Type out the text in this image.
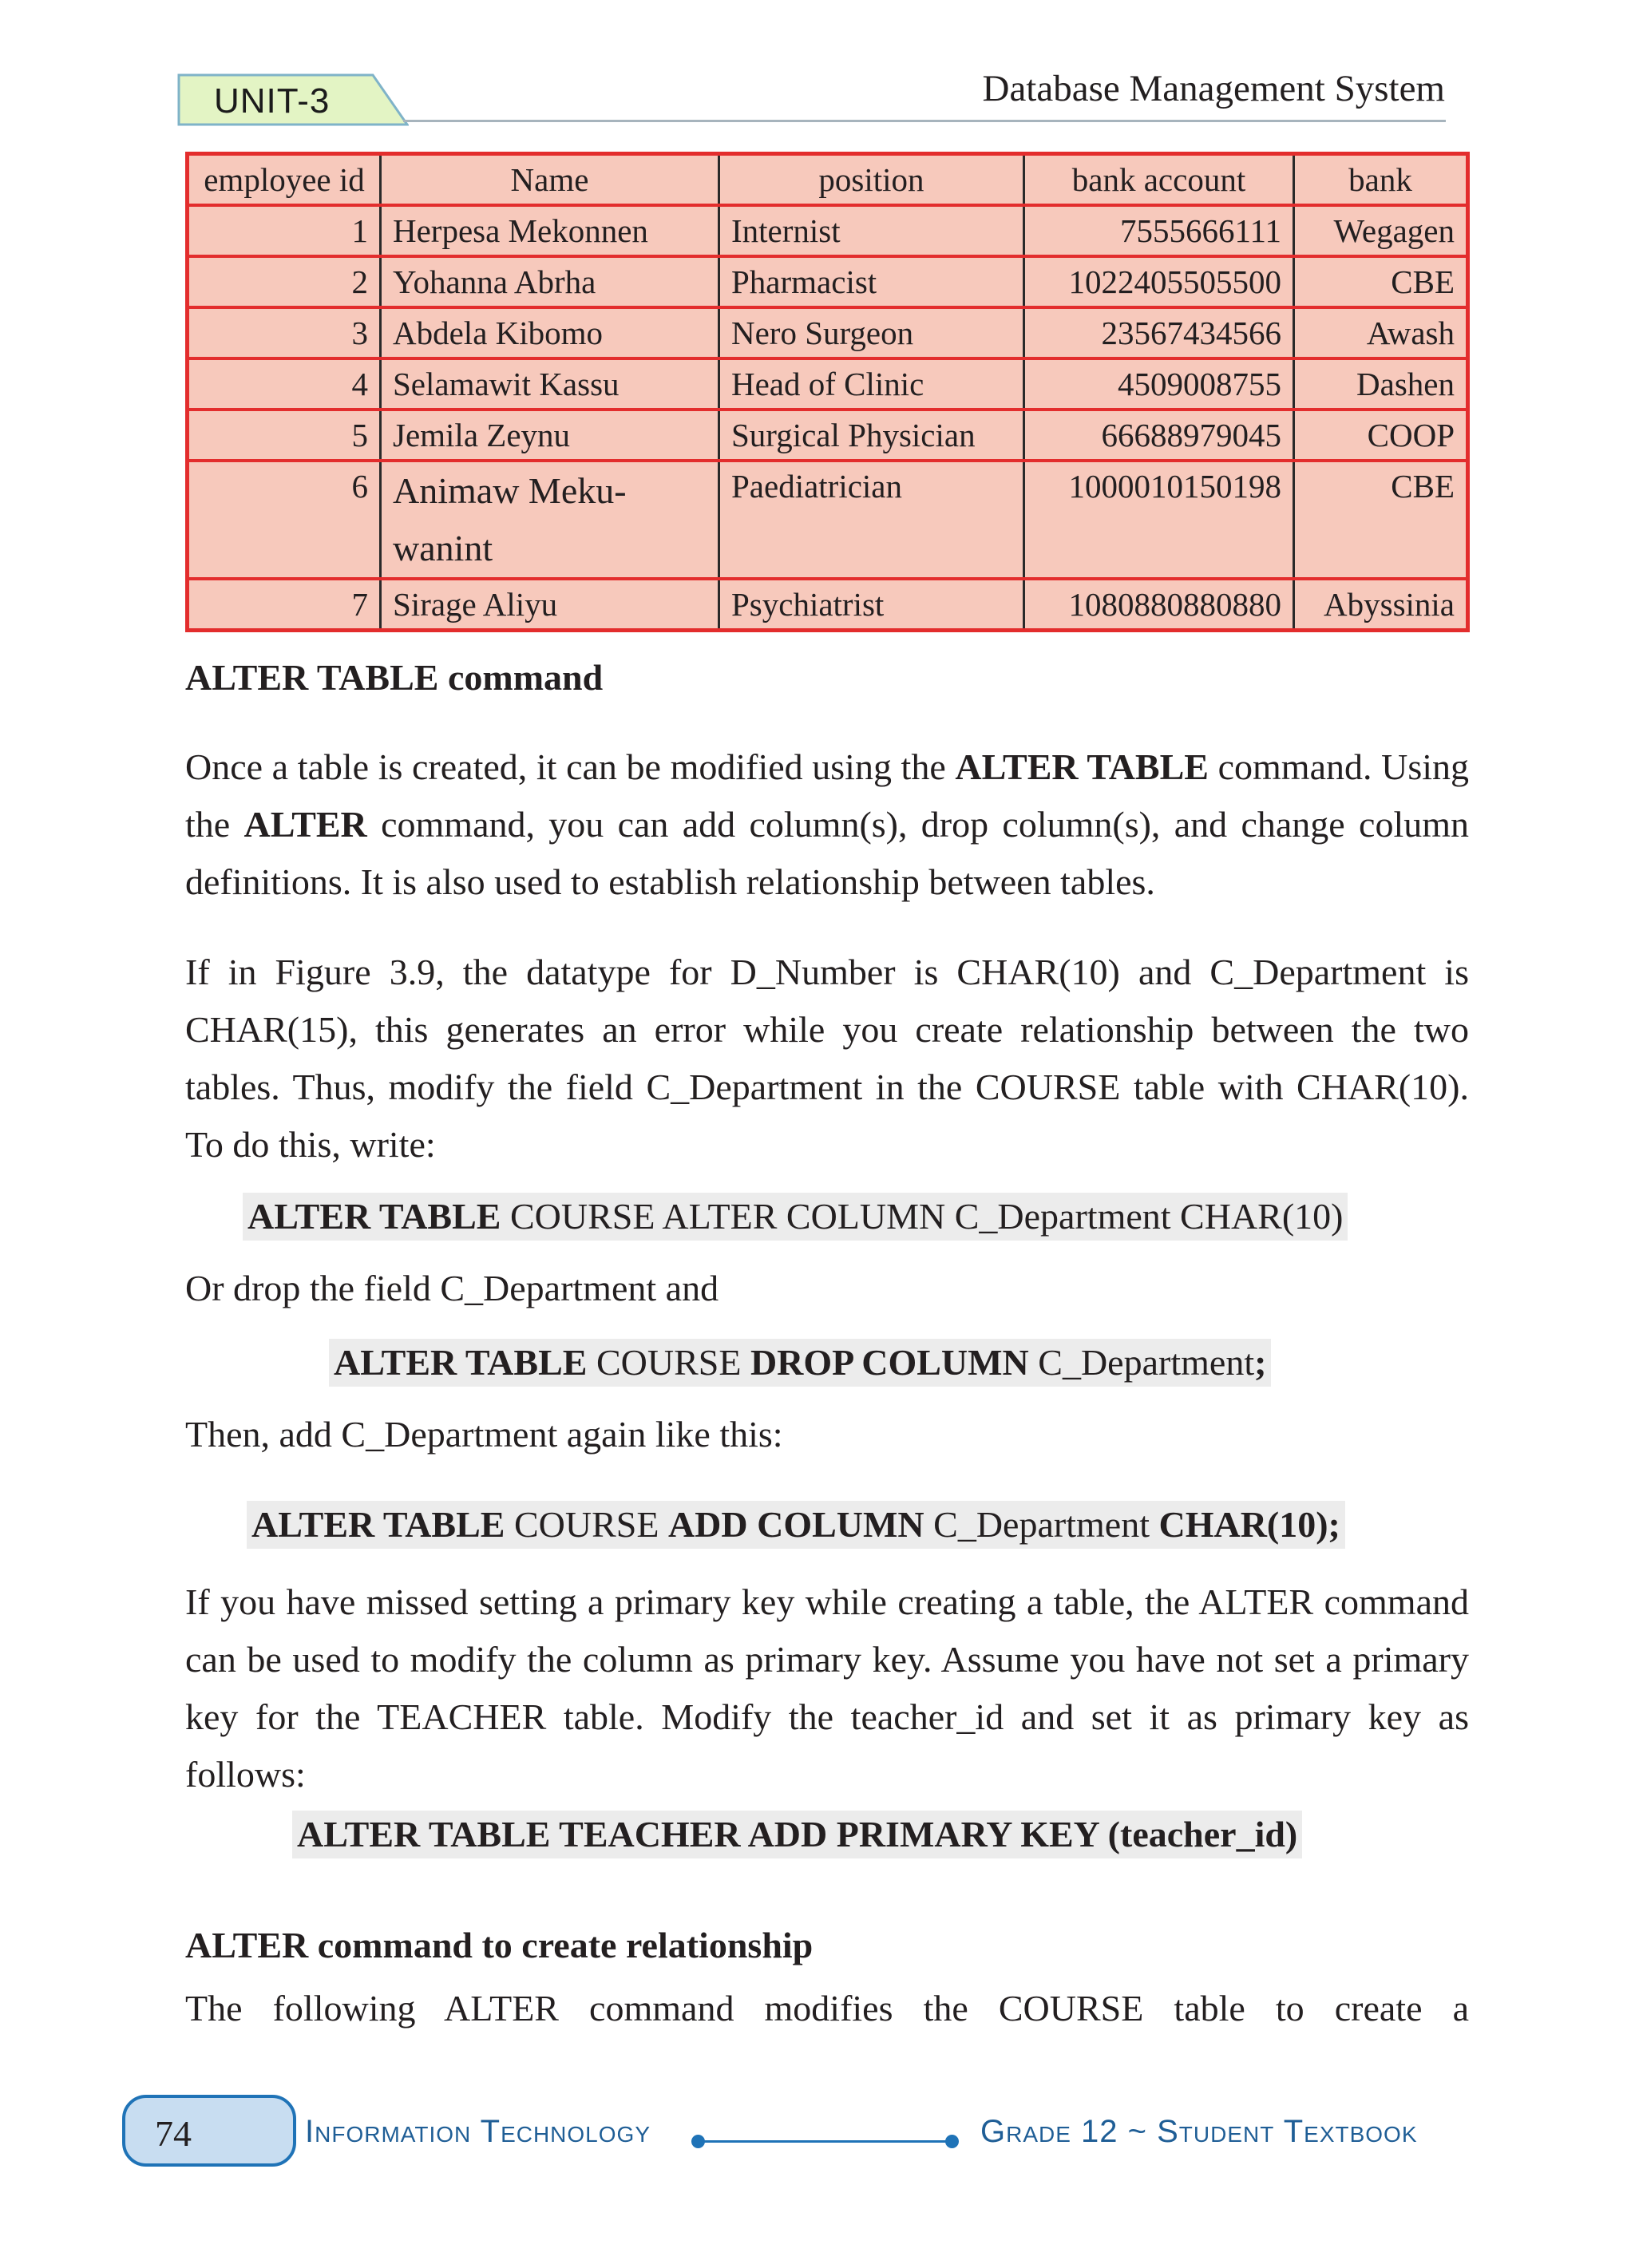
UNIT-3	Database Management System
employee id	Name	position	bank account	bank
1	Herpesa Mekonnen	Internist	7555666111	Wegagen
2	Yohanna Abrha	Pharmacist	1022405505500	CBE
3	Abdela Kibomo	Nero Surgeon	23567434566	Awash
4	Selamawit Kassu	Head of Clinic	4509008755	Dashen
5	Jemila Zeynu	Surgical Physician	66688979045	COOP
6	Animaw Meku- wanint	Paediatrician	1000010150198	CBE
7	Sirage Aliyu	Psychiatrist	1080880880880	Abyssinia
ALTER TABLE command

Once a table is created, it can be modified using the ALTER TABLE command. Using the ALTER command, you can add column(s), drop column(s), and change column definitions. It is also used to establish relationship between tables.

If in Figure 3.9, the datatype for D_Number is CHAR(10) and C_Department is CHAR(15), this generates an error while you create relationship between the two tables. Thus, modify the field C_Department in the COURSE table with CHAR(10). To do this, write:

ALTER TABLE COURSE ALTER COLUMN C_Department CHAR(10)

Or drop the field C_Department and

ALTER TABLE COURSE DROP COLUMN C_Department;

Then, add C_Department again like this:

ALTER TABLE COURSE ADD COLUMN C_Department CHAR(10);

If you have missed setting a primary key while creating a table, the ALTER command can be used to modify the column as primary key. Assume you have not set a primary key for the TEACHER table. Modify the teacher_id and set it as primary key as follows:

ALTER TABLE TEACHER ADD PRIMARY KEY (teacher_id)
ALTER command to create relationship

The following ALTER command modifies the COURSE table to create a

74	Information Technology	Grade 12 ~ Student Textbook
